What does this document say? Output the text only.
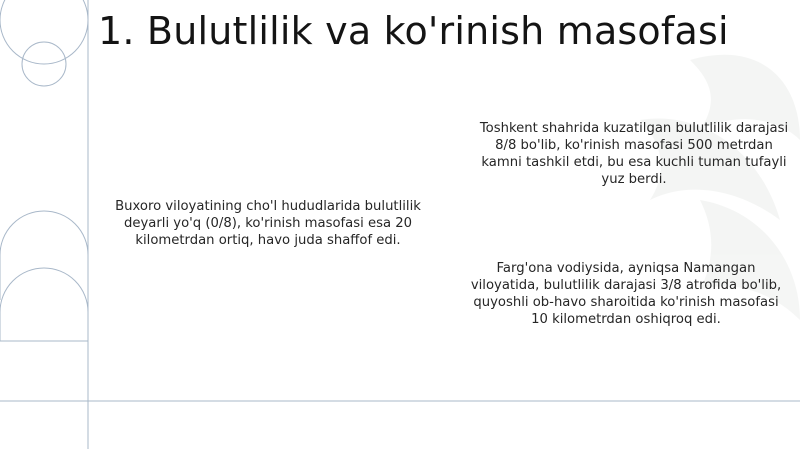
1. Bulutlilik va ko'rinish masofasi
Buxoro viloyatining cho'l hududlarida bulutlilik deyarli yo'q (0/8), ko'rinish masofasi esa 20 kilometrdan ortiq, havo juda shaffof edi.
Toshkent shahrida kuzatilgan bulutlilik darajasi 8/8 bo'lib, ko'rinish masofasi 500 metrdan kamni tashkil etdi, bu esa kuchli tuman tufayli yuz berdi.
Farg'ona vodiysida, ayniqsa Namangan viloyatida, bulutlilik darajasi 3/8 atrofida bo'lib, quyoshli ob-havo sharoitida ko'rinish masofasi 10 kilometrdan oshiqroq edi.
